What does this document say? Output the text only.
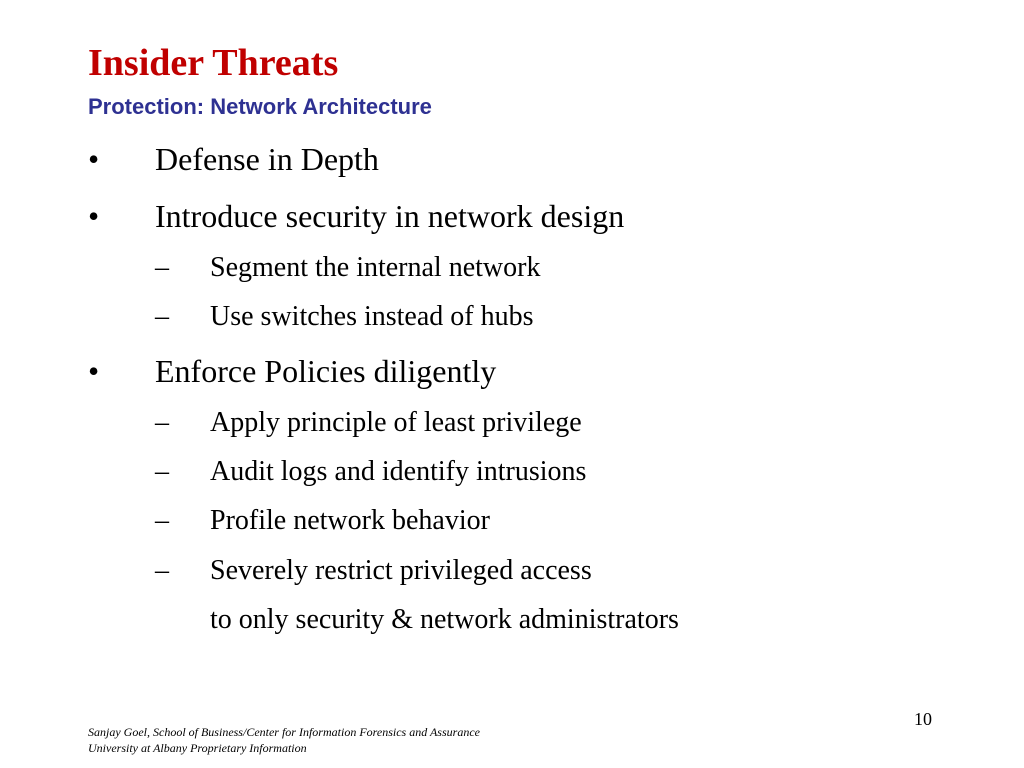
Insider Threats
Protection: Network Architecture
• Defense in Depth
• Introduce security in network design
– Segment the internal network
– Use switches instead of hubs
• Enforce Policies diligently
– Apply principle of least privilege
– Audit logs and identify intrusions
– Profile network behavior
– Severely restrict privileged access
to only security & network administrators
10
Sanjay Goel, School of Business/Center for Information Forensics and Assurance
University at Albany Proprietary Information
